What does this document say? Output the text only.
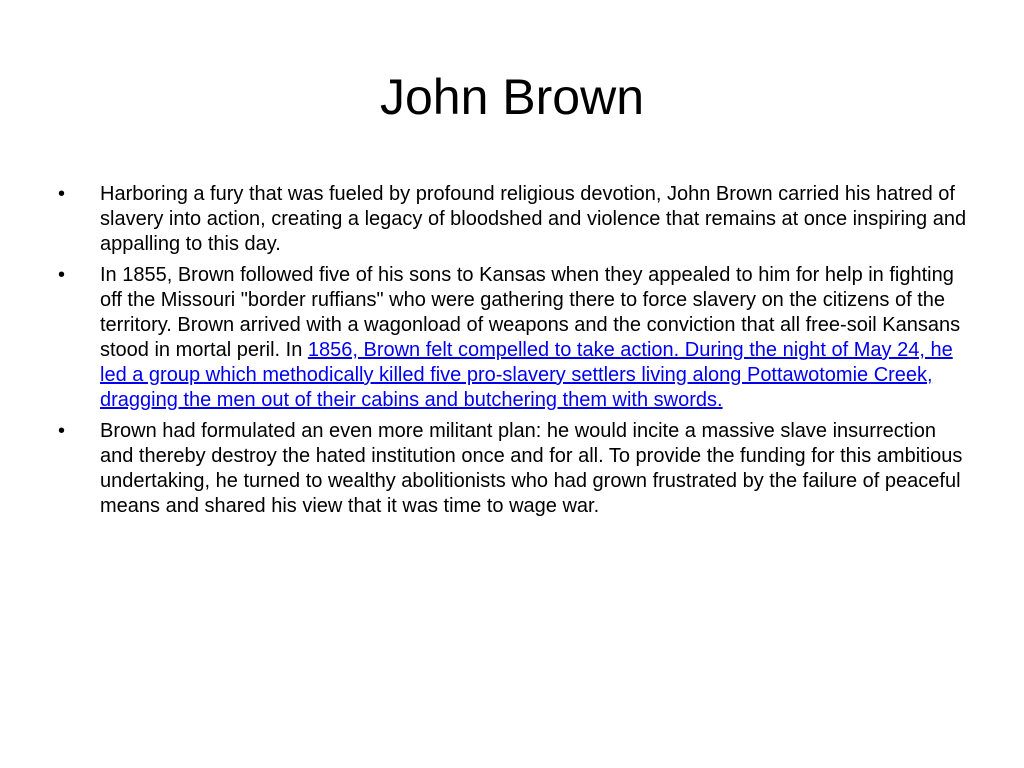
John Brown
•	Harboring a fury that was fueled by profound religious devotion, John Brown carried his hatred of slavery into action, creating a legacy of bloodshed and violence that remains at once inspiring and appalling to this day.
•	In 1855, Brown followed five of his sons to Kansas when they appealed to him for help in fighting off the Missouri "border ruffians" who were gathering there to force slavery on the citizens of the territory. Brown arrived with a wagonload of weapons and the conviction that all free-soil Kansans stood in mortal peril. In 1856, Brown felt compelled to take action. During the night of May 24, he led a group which methodically killed five pro-slavery settlers living along Pottawotomie Creek, dragging the men out of their cabins and butchering them with swords.
•	Brown had formulated an even more militant plan: he would incite a massive slave insurrection and thereby destroy the hated institution once and for all. To provide the funding for this ambitious undertaking, he turned to wealthy abolitionists who had grown frustrated by the failure of peaceful means and shared his view that it was time to wage war.
